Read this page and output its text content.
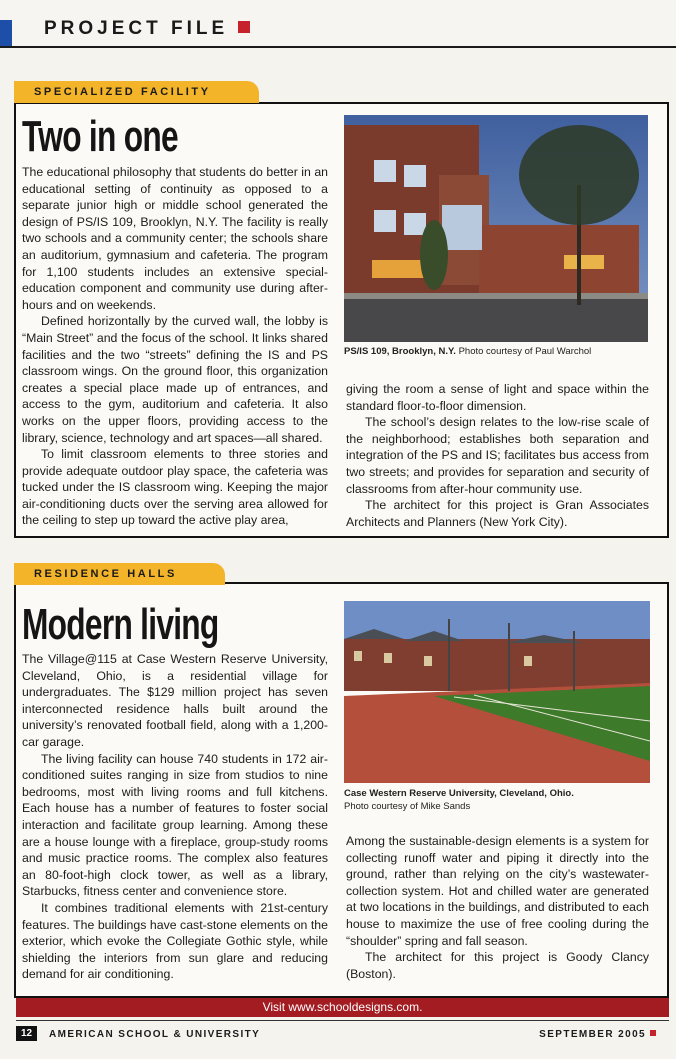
PROJECT FILE
SPECIALIZED FACILITY
Two in one

The educational philosophy that students do better in an educational setting of continuity as opposed to a separate junior high or middle school generated the design of PS/IS 109, Brooklyn, N.Y. The facility is really two schools and a community center; the schools share an auditorium, gymnasium and cafeteria. The program for 1,100 students includes an extensive special-education component and community use during after-hours and on weekends.

Defined horizontally by the curved wall, the lobby is “Main Street” and the focus of the school. It links shared facilities and the two “streets” defining the IS and PS classroom wings. On the ground floor, this organization creates a special place made up of entrances, and access to the gym, auditorium and cafeteria. It also works on the upper floors, providing access to the library, science, technology and art spaces—all shared.

To limit classroom elements to three stories and provide adequate outdoor play space, the cafeteria was tucked under the IS classroom wing. Keeping the major air-conditioning ducts over the serving area allowed for the ceiling to step up toward the active play area,

PS/IS 109, Brooklyn, N.Y. Photo courtesy of Paul Warchol

giving the room a sense of light and space within the standard floor-to-floor dimension.

The school’s design relates to the low-rise scale of the neighborhood; establishes both separation and integration of the PS and IS; facilitates bus access from two streets; and provides for separation and security of classrooms from after-hour community use.

The architect for this project is Gran Associates Architects and Planners (New York City).

RESIDENCE HALLS
Modern living

The Village@115 at Case Western Reserve University, Cleveland, Ohio, is a residential village for undergraduates. The $129 million project has seven interconnected residence halls built around the university’s renovated football field, along with a 1,200-car garage.

The living facility can house 740 students in 172 air-conditioned suites ranging in size from studios to nine bedrooms, most with living rooms and full kitchens. Each house has a number of features to foster social interaction and facilitate group learning. Among these are a house lounge with a fireplace, group-study rooms and music practice rooms. The complex also features an 80-foot-high clock tower, as well as a library, Starbucks, fitness center and convenience store.

It combines traditional elements with 21st-century features. The buildings have cast-stone elements on the exterior, which evoke the Collegiate Gothic style, while shielding the interiors from sun glare and reducing demand for air conditioning.

Case Western Reserve University, Cleveland, Ohio.
Photo courtesy of Mike Sands

Among the sustainable-design elements is a system for collecting runoff water and piping it directly into the ground, rather than relying on the city’s wastewater-collection system. Hot and chilled water are generated at two locations in the buildings, and distributed to each house to maximize the use of free cooling during the “shoulder” spring and fall season.

The architect for this project is Goody Clancy (Boston).

Visit www.schooldesigns.com.
12	AMERICAN SCHOOL & UNIVERSITY	SEPTEMBER 2005
